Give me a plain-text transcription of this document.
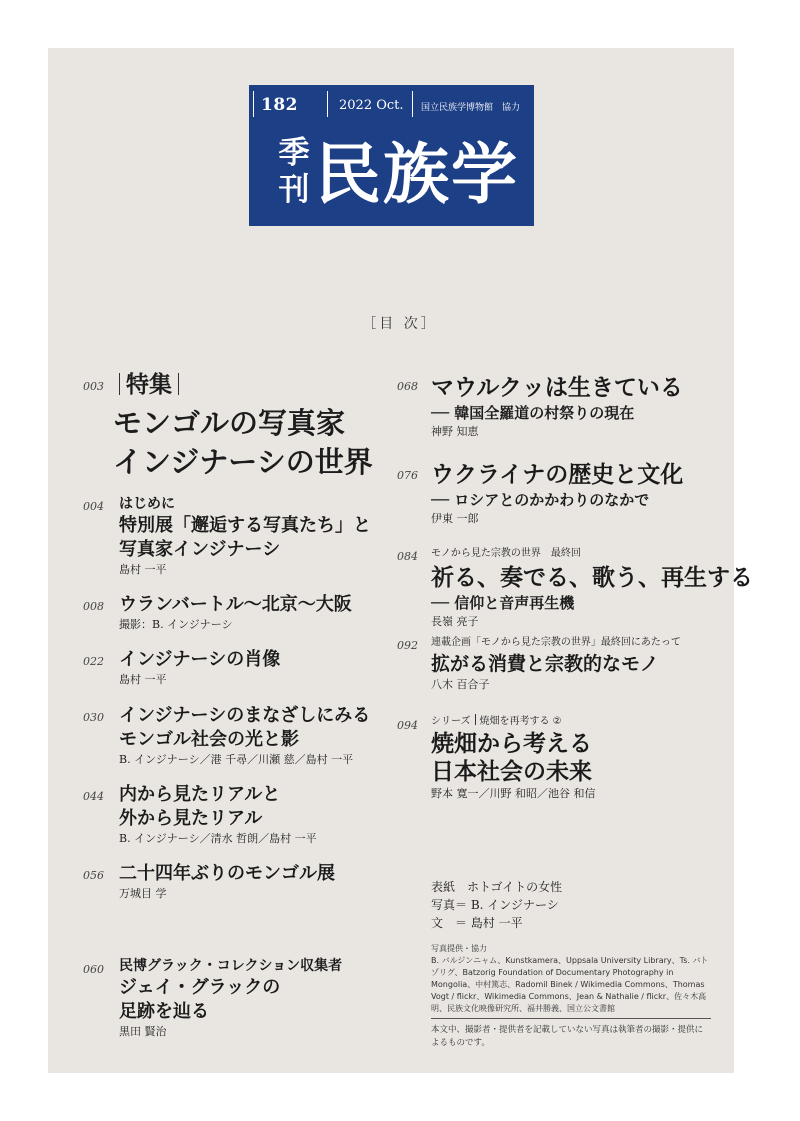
182	2022 Oct. 国立民族学博物館　協力
季
刊 民族学
［目 次］
003 特集
モンゴルの写真家
インジナーシの世界
004 はじめに
特別展「邂逅する写真たち」と
写真家インジナーシ
島村 一平
008 ウランバートル〜北京〜大阪
撮影：B. インジナーシ
022 インジナーシの肖像
島村 一平
030 インジナーシのまなざしにみる
モンゴル社会の光と影
B. インジナーシ／港 千尋／川瀬 慈／島村 一平
044 内から見たリアルと
外から見たリアル
B. インジナーシ／清水 哲朗／島村 一平
056 二十四年ぶりのモンゴル展
万城目 学
060 民博グラック・コレクション収集者
ジェイ・グラックの
足跡を辿る
黒田 賢治
068 マウルクッは生きている
── 韓国全羅道の村祭りの現在
神野 知恵
076 ウクライナの歴史と文化
── ロシアとのかかわりのなかで
伊東 一郎
084 モノから見た宗教の世界　最終回
祈る、奏でる、歌う、再生する
── 信仰と音声再生機
長嶺 亮子
092 連載企画「モノから見た宗教の世界」最終回にあたって
拡がる消費と宗教的なモノ
八木 百合子
094 シリーズ 焼畑を再考する ②
焼畑から考える
日本社会の未来
野本 寛一／川野 和昭／池谷 和信
表紙　ホトゴイトの女性
写真＝ B. インジナーシ
文　＝ 島村 一平
写真提供・協力
B. バルジンニャム、Kunstkamera、Uppsala University Library、Ts. バトゾリグ、Batzorig Foundation of Documentary Photography in Mongolia、中村篤志、Radomil Binek / Wikimedia Commons、Thomas Vogt / flickr、Wikimedia Commons、Jean & Nathalie / flickr、佐々木高明、民族文化映像研究所、福井勝義、国立公文書館
本文中、撮影者・提供者を記載していない写真は執筆者の撮影・提供によるものです。
